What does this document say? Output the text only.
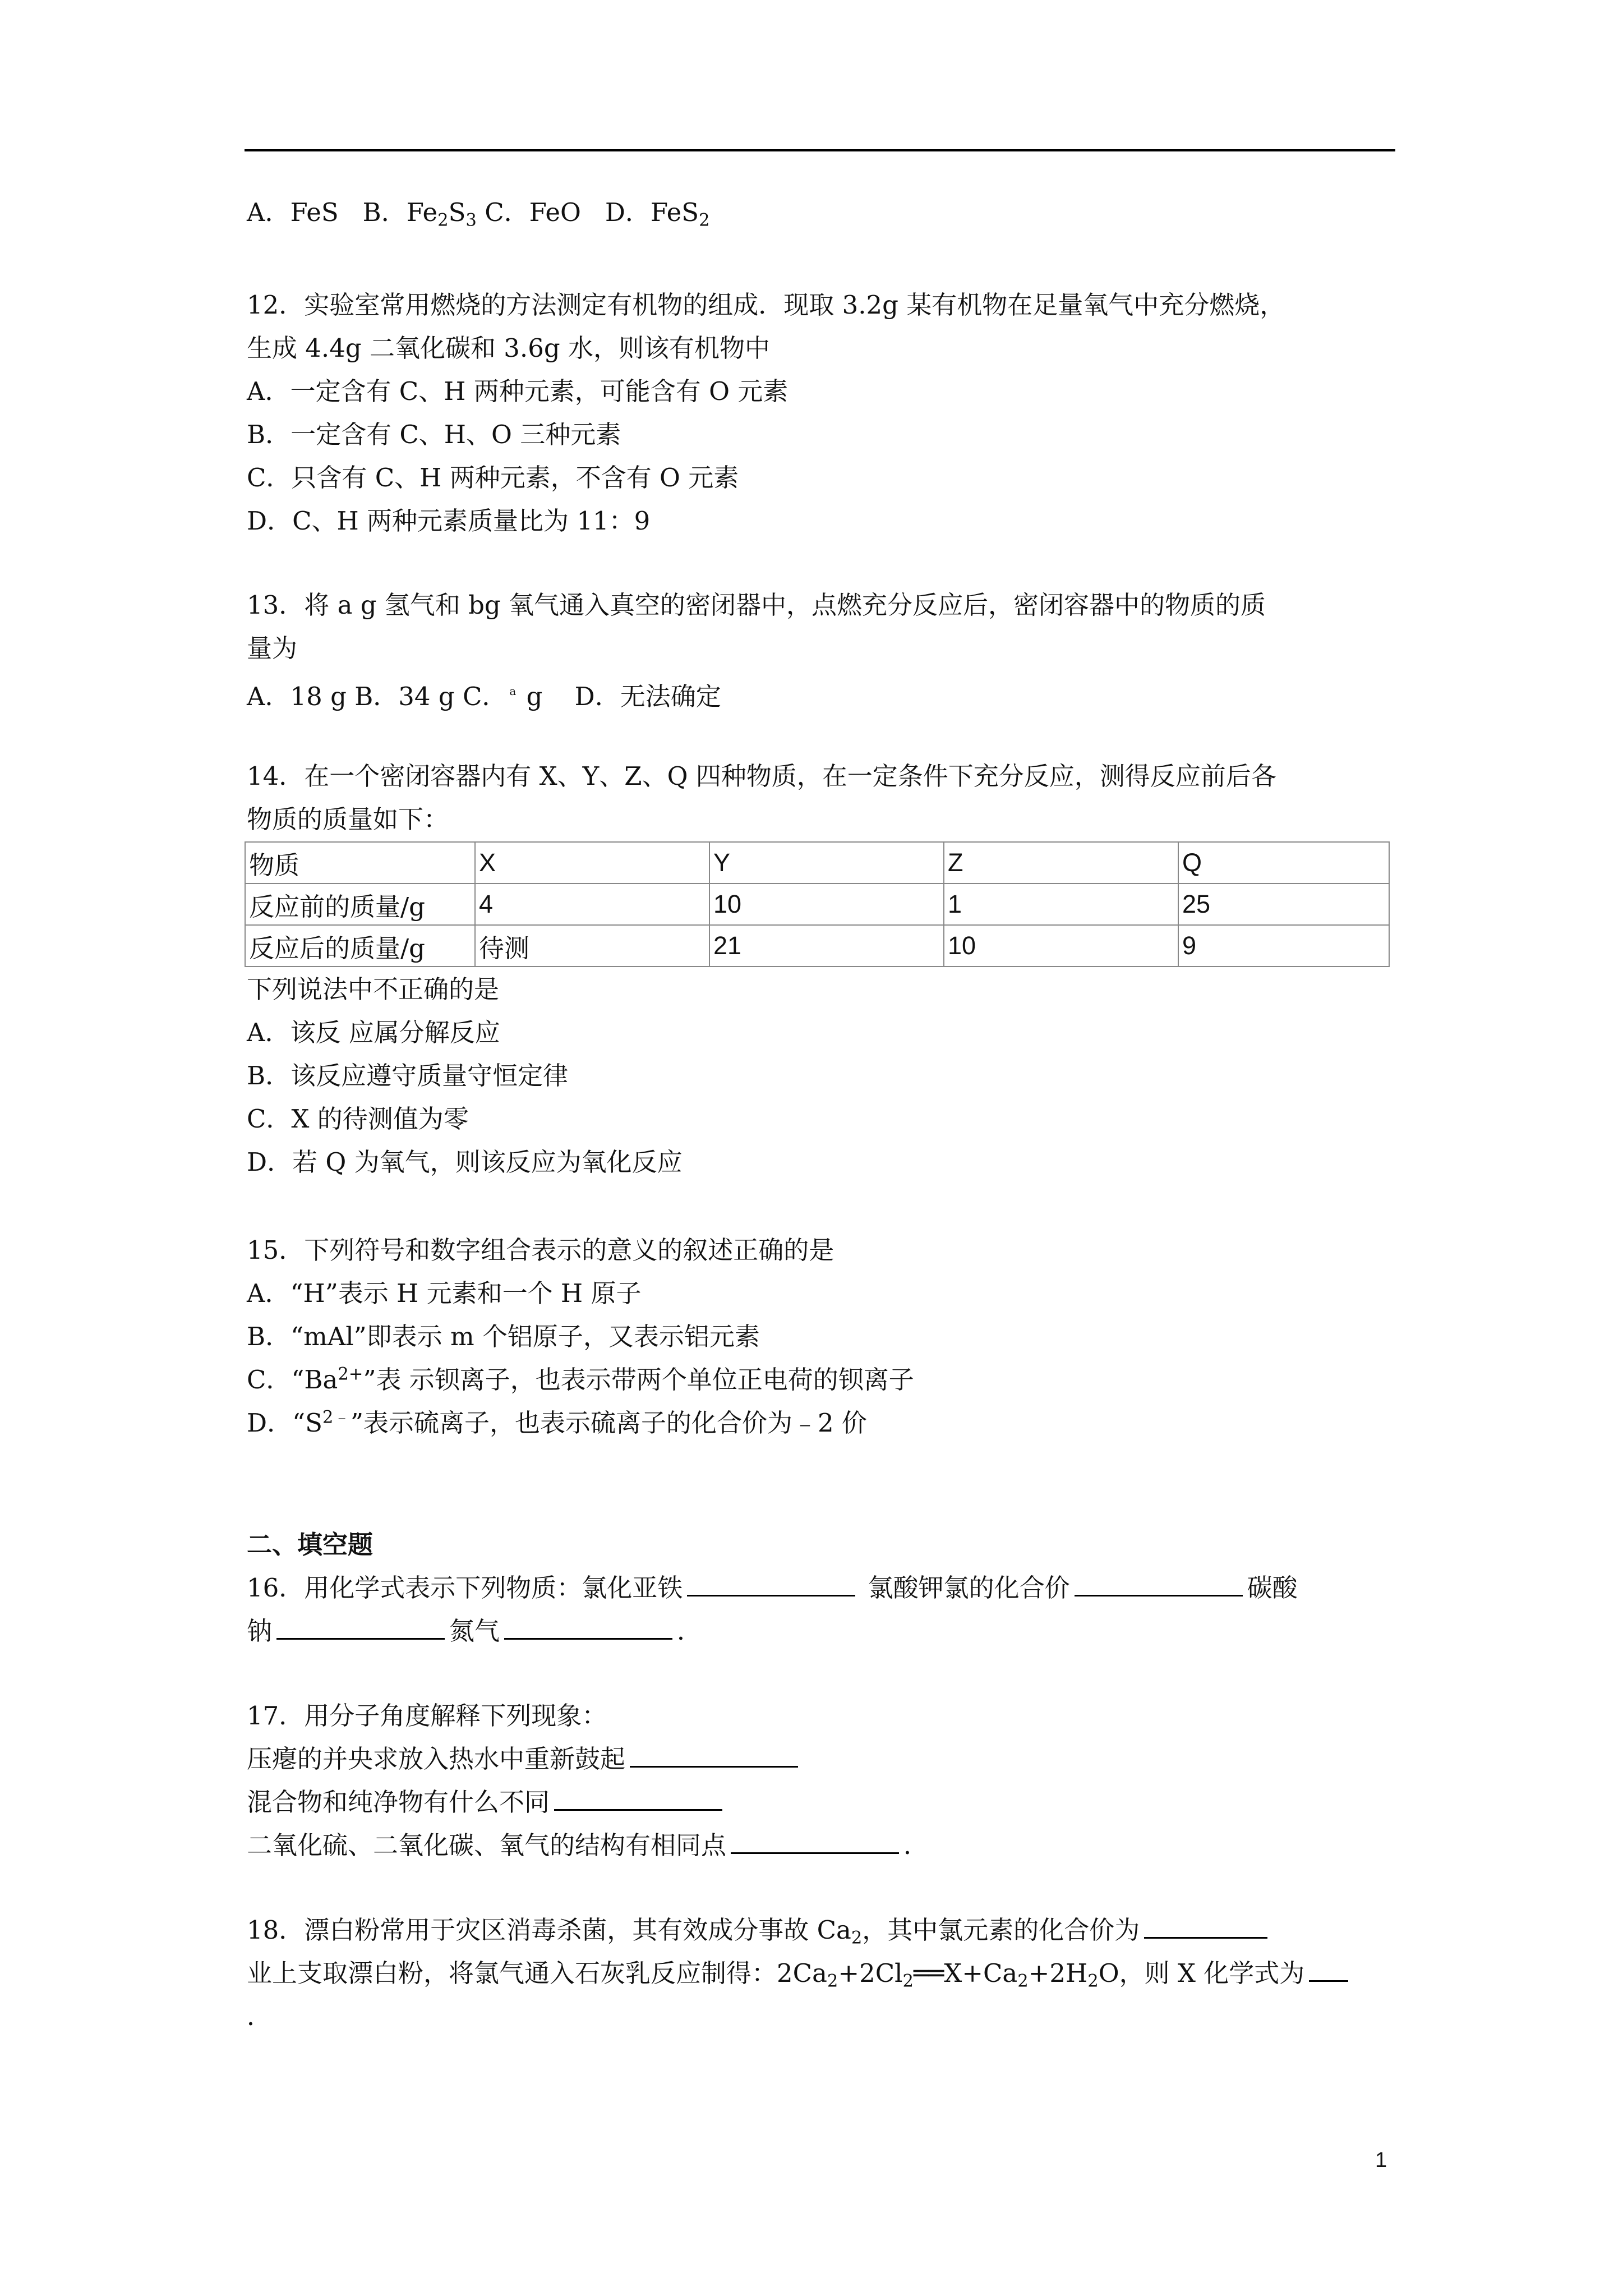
A．FeS B．$Fe_2S_3$ C．FeO D．FeS$_2$
12．实验室常用燃烧的方法测定有机物的组成．现取 3.2g 某有机物在足量氧气中充分燃烧，
生成 4.4g 二氧化碳和 3.6g 水，则该有机物中
A．一定含有 C、H 两种元素，可能含有 O 元素
B．一定含有 C、H、O 三种元素
C．只含有 C、H 两种元素，不含有 O 元素
D．C、H 两种元素质量比为 11：9
13．将 a g 氢气和 bg 氧气通入真空的密闭器中，点燃充分反应后，密闭容器中的物质的质
量为
A．18 g B．34 g C． a g D．无法确定
14．在一个密闭容器内有 X、Y、Z、Q 四种物质，在一定条件下充分反应，测得反应前后各
物质的质量如下：
物质	X	Y	Z	Q
反应前的质量/g	4	10	1	25
反应后的质量/g	待测	21	10	9
下列说法中不正确的是
A．该反 应属分解反应
B．该反应遵守质量守恒定律
C．X 的待测值为零
D．若 Q 为氧气，则该反应为氧化反应
15．下列符号和数字组合表示的意义的叙述正确的是
A．“H”表示 H 元素和一个 H 原子
B．“mAl”即表示 m 个铝原子，又表示铝元素
C．“$Ba^{2+}$”表 示钡离子，也表示带两个单位正电荷的钡离子
D．“$S^{2﹣}$”表示硫离子，也表示硫离子的化合价为﹣2 价
二、填空题
16．用化学式表示下列物质：氯化亚铁	氯酸钾氯的化合价	碳酸
钠	氮气	．
17．用分子角度解释下列现象：
压瘪的并央求放入热水中重新鼓起
混合物和纯净物有什么不同
二氧化硫、二氧化碳、氧气的结构有相同点	．
18．漂白粉常用于灾区消毒杀菌，其有效成分事故 $Ca_2$，其中氯元素的化合价为
业上支取漂白粉，将氯气通入石灰乳反应制得：$2Ca_2+2Cl_2══X+Ca_2+2H_2O$，则 X 化学式为
．
1
